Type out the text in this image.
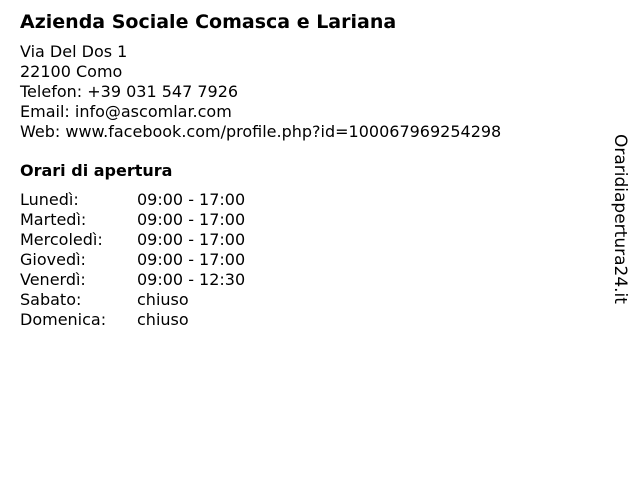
Azienda Sociale Comasca e Lariana
Via Del Dos 1
22100 Como
Telefon: +39 031 547 7926
Email: info@ascomlar.com
Web: www.facebook.com/profile.php?id=100067969254298
Orari di apertura
Lunedì:	09:00 - 17:00
Martedì:	09:00 - 17:00
Mercoledì:	09:00 - 17:00
Giovedì:	09:00 - 17:00
Venerdì:	09:00 - 12:30
Sabato:	chiuso
Domenica:	chiuso
Oraridiapertura24.it
